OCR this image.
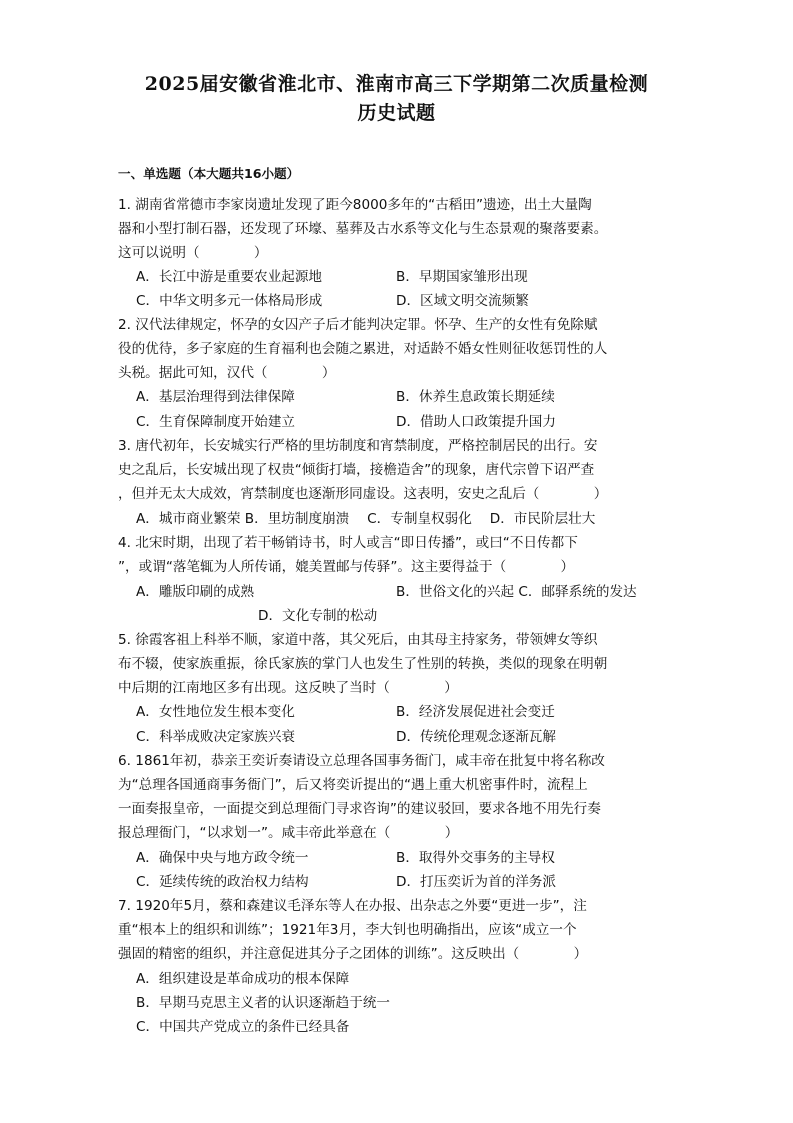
2025届安徽省淮北市、淮南市高三下学期第二次质量检测
历史试题
一、单选题（本大题共16小题）
1. 湖南省常德市李家岗遗址发现了距今8000多年的“古稻田”遗迹，出土大量陶
器和小型打制石器，还发现了环壕、墓葬及古水系等文化与生态景观的聚落要素。
这可以说明（　　　　）
A．长江中游是重要农业起源地	B．早期国家雏形出现
C．中华文明多元一体格局形成	D．区域文明交流频繁
2. 汉代法律规定，怀孕的女囚产子后才能判决定罪。怀孕、生产的女性有免除赋
役的优待，多子家庭的生育福利也会随之累进，对适龄不婚女性则征收惩罚性的人
头税。据此可知，汉代（　　　　）
A．基层治理得到法律保障	B．休养生息政策长期延续
C．生育保障制度开始建立	D．借助人口政策提升国力
3. 唐代初年，长安城实行严格的里坊制度和宵禁制度，严格控制居民的出行。安
史之乱后，长安城出现了权贵“倾街打墙，接檐造舍”的现象，唐代宗曾下诏严查
，但并无太大成效，宵禁制度也逐渐形同虚设。这表明，安史之乱后（　　　　）
A．城市商业繁荣 B．里坊制度崩溃　 C．专制皇权弱化　 D．市民阶层壮大
4. 北宋时期，出现了若干畅销诗书，时人或言“即日传播”，或曰“不日传都下
”，或谓“落笔辄为人所传诵，媲美置邮与传驿”。这主要得益于（　　　　）
A．雕版印刷的成熟	B．世俗文化的兴起 C．邮驿系统的发达
D．文化专制的松动
5. 徐霞客祖上科举不顺，家道中落，其父死后，由其母主持家务，带领婢女等织
布不辍，使家族重振，徐氏家族的掌门人也发生了性别的转换，类似的现象在明朝
中后期的江南地区多有出现。这反映了当时（　　　　）
A．女性地位发生根本变化	B．经济发展促进社会变迁
C．科举成败决定家族兴衰	D．传统伦理观念逐渐瓦解
6. 1861年初，恭亲王奕䜣奏请设立总理各国事务衙门，咸丰帝在批复中将名称改
为“总理各国通商事务衙门”，后又将奕䜣提出的“遇上重大机密事件时，流程上
一面奏报皇帝，一面提交到总理衙门寻求咨询”的建议驳回，要求各地不用先行奏
报总理衙门，“以求划一”。咸丰帝此举意在（　　　　）
A．确保中央与地方政令统一	B．取得外交事务的主导权
C．延续传统的政治权力结构	D．打压奕䜣为首的洋务派
7. 1920年5月，蔡和森建议毛泽东等人在办报、出杂志之外要“更进一步”，注
重“根本上的组织和训练”；1921年3月，李大钊也明确指出，应该“成立一个
强固的精密的组织，并注意促进其分子之团体的训练”。这反映出（　　　　）
A．组织建设是革命成功的根本保障
B．早期马克思主义者的认识逐渐趋于统一
C．中国共产党成立的条件已经具备
